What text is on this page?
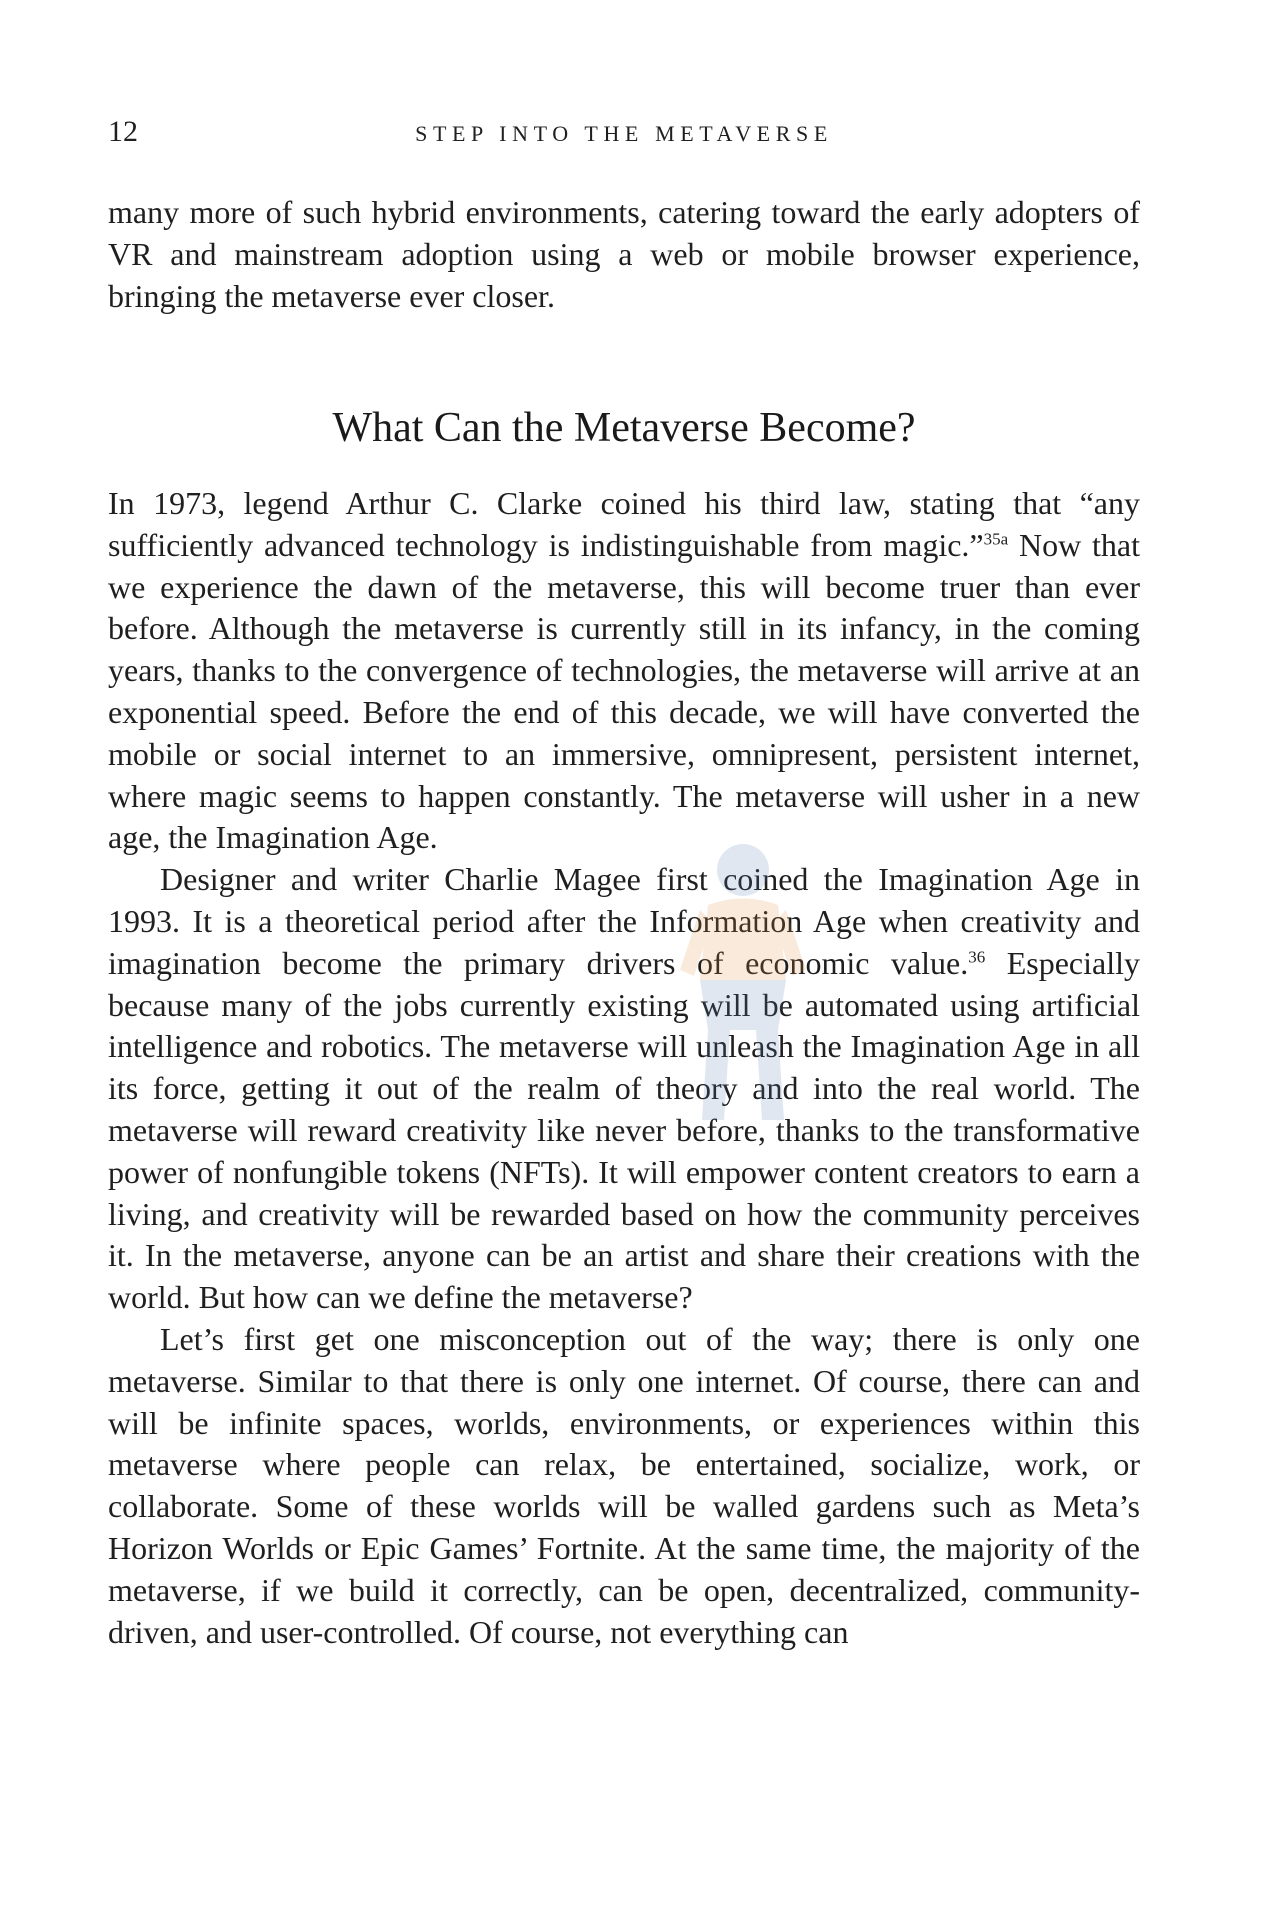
12	STEP INTO THE METAVERSE

many more of such hybrid environments, catering toward the early adopters of VR and mainstream adoption using a web or mobile browser experience, bringing the metaverse ever closer.

What Can the Metaverse Become?

In 1973, legend Arthur C. Clarke coined his third law, stating that “any sufficiently advanced technology is indistinguishable from magic.”$^{35a}$ Now that we experience the dawn of the metaverse, this will become truer than ever before. Although the metaverse is currently still in its infancy, in the coming years, thanks to the convergence of technologies, the metaverse will arrive at an exponential speed. Before the end of this decade, we will have converted the mobile or social internet to an immersive, omnipresent, persistent internet, where magic seems to happen constantly. The metaverse will usher in a new age, the Imagination Age.

Designer and writer Charlie Magee first coined the Imagination Age in 1993. It is a theoretical period after the Information Age when creativity and imagination become the primary drivers of economic value.$^{36}$ Especially because many of the jobs currently existing will be automated using artificial intelligence and robotics. The metaverse will unleash the Imagination Age in all its force, getting it out of the realm of theory and into the real world. The metaverse will reward creativity like never before, thanks to the transformative power of nonfungible tokens (NFTs). It will empower content creators to earn a living, and creativity will be rewarded based on how the community perceives it. In the metaverse, anyone can be an artist and share their creations with the world. But how can we define the metaverse?

Let’s first get one misconception out of the way; there is only one metaverse. Similar to that there is only one internet. Of course, there can and will be infinite spaces, worlds, environments, or experiences within this metaverse where people can relax, be entertained, socialize, work, or collaborate. Some of these worlds will be walled gardens such as Meta’s Horizon Worlds or Epic Games’ Fortnite. At the same time, the majority of the metaverse, if we build it correctly, can be open, decentralized, community-driven, and user-controlled. Of course, not everything can
